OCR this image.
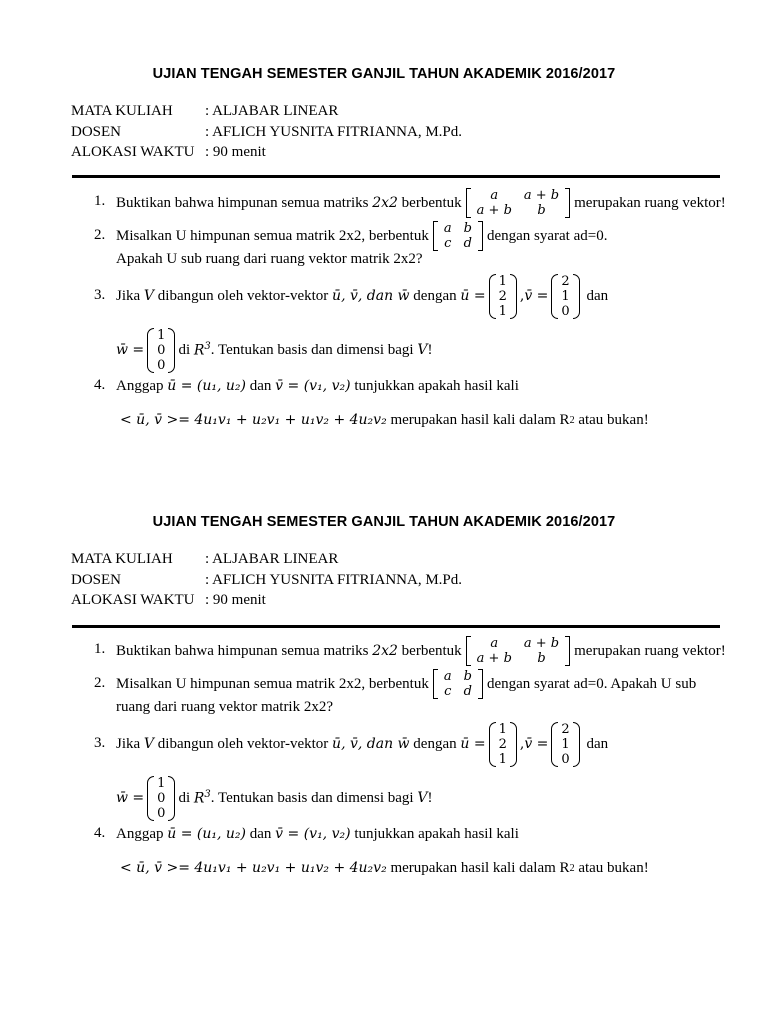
UJIAN TENGAH SEMESTER GANJIL TAHUN AKADEMIK 2016/2017
MATA KULIAH : ALJABAR LINEAR
DOSEN	: AFLICH YUSNITA FITRIANNA, M.Pd.
ALOKASI WAKTU : 90 menit
1. Buktikan bahwa himpunan semua matriks
2x2
berbentuk a	a + b
a + b	b merupakan ruang vektor!
2. Misalkan U himpunan semua matrik 2x2, berbentuk a	b
c	d dengan syarat ad=0.
Apakah U sub ruang dari ruang vektor matrik 2x2?
3. Jika
V
dibangun oleh vektor-vektor
ū, v̄, dan w̄
dengan
ū =
1
2
1
, v̄ =
2
1
0

dan
w̄ =
1
0
0
di
$R^3$ . Tentukan basis dan dimensi bagi
V !
4. Anggap
ū = (u₁, u₂)
dan
v̄ = (v₁, v₂)
tunjukkan apakah hasil kali
< ū, v̄ >= 4u₁v₁ + u₂v₁ + u₁v₂ + 4u₂v₂
merupakan hasil kali dalam R 2
atau bukan!
UJIAN TENGAH SEMESTER GANJIL TAHUN AKADEMIK 2016/2017
MATA KULIAH : ALJABAR LINEAR
DOSEN	: AFLICH YUSNITA FITRIANNA, M.Pd.
ALOKASI WAKTU : 90 menit
1. Buktikan bahwa himpunan semua matriks
2x2
berbentuk a	a + b
a + b	b merupakan ruang vektor!
2. Misalkan U himpunan semua matrik 2x2, berbentuk a	b
c	d dengan syarat ad=0. Apakah U sub
ruang dari ruang vektor matrik 2x2?
3. Jika
V
dibangun oleh vektor-vektor
ū, v̄, dan w̄
dengan
ū =
1
2
1
, v̄ =
2
1
0

dan
w̄ =
1
0
0
di
$R^3$ . Tentukan basis dan dimensi bagi
V !
4. Anggap
ū = (u₁, u₂)
dan
v̄ = (v₁, v₂)
tunjukkan apakah hasil kali
< ū, v̄ >= 4u₁v₁ + u₂v₁ + u₁v₂ + 4u₂v₂
merupakan hasil kali dalam R 2
atau bukan!
